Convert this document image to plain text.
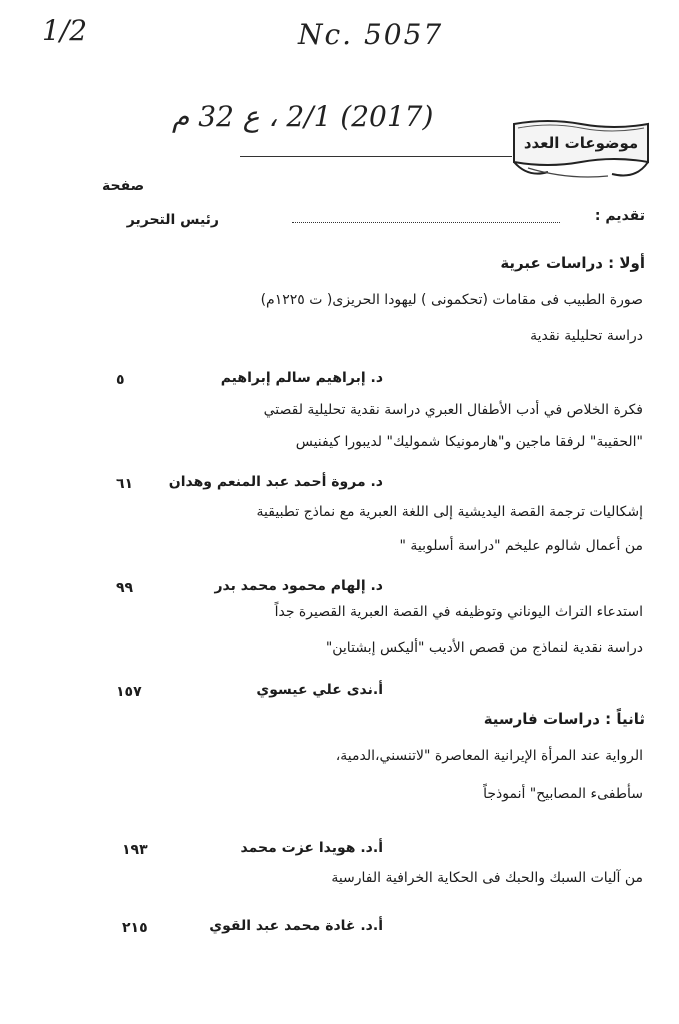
1/2	Nc. 5057
(2017) 2/1 ، ع 32 م
موضوعات العدد
صفحة
تقديم :
رئيس التحرير
أولا : دراسات عبرية
صورة الطبيب فى مقامات (تحكمونى ) ليهودا الحريزى( ت ١٢٢٥م)
دراسة تحليلية نقدية
د. إبراهيم سالم إبراهيم
٥
فكرة الخلاص في أدب الأطفال العبري دراسة نقدية تحليلية لقصتي
"الحقيبة" لرفقا ماجين و"هارمونيكا شموليك" لديبورا كيفنيس
د. مروة أحمد عبد المنعم وهدان
٦١
إشكاليات ترجمة القصة اليديشية إلى اللغة العبرية مع نماذج تطبيقية
من أعمال شالوم عليخم "دراسة أسلوبية "
د. إلهام محمود محمد بدر
٩٩
استدعاء التراث اليوناني وتوظيفه في القصة العبرية القصيرة جداً
دراسة نقدية لنماذج من قصص الأديب "أليكس إبشتاين"
أ.ندى علي عيسوي
١٥٧
ثانياً : دراسات فارسية
الرواية عند المرأة الإيرانية المعاصرة "لاتنسني،الدمية،
سأطفىء المصابيح" أنموذجاً
أ.د. هويدا عزت محمد
١٩٣
من آليات السبك والحبك فى الحكاية الخرافية الفارسية
أ.د. غادة محمد عبد القوي
٢١٥
